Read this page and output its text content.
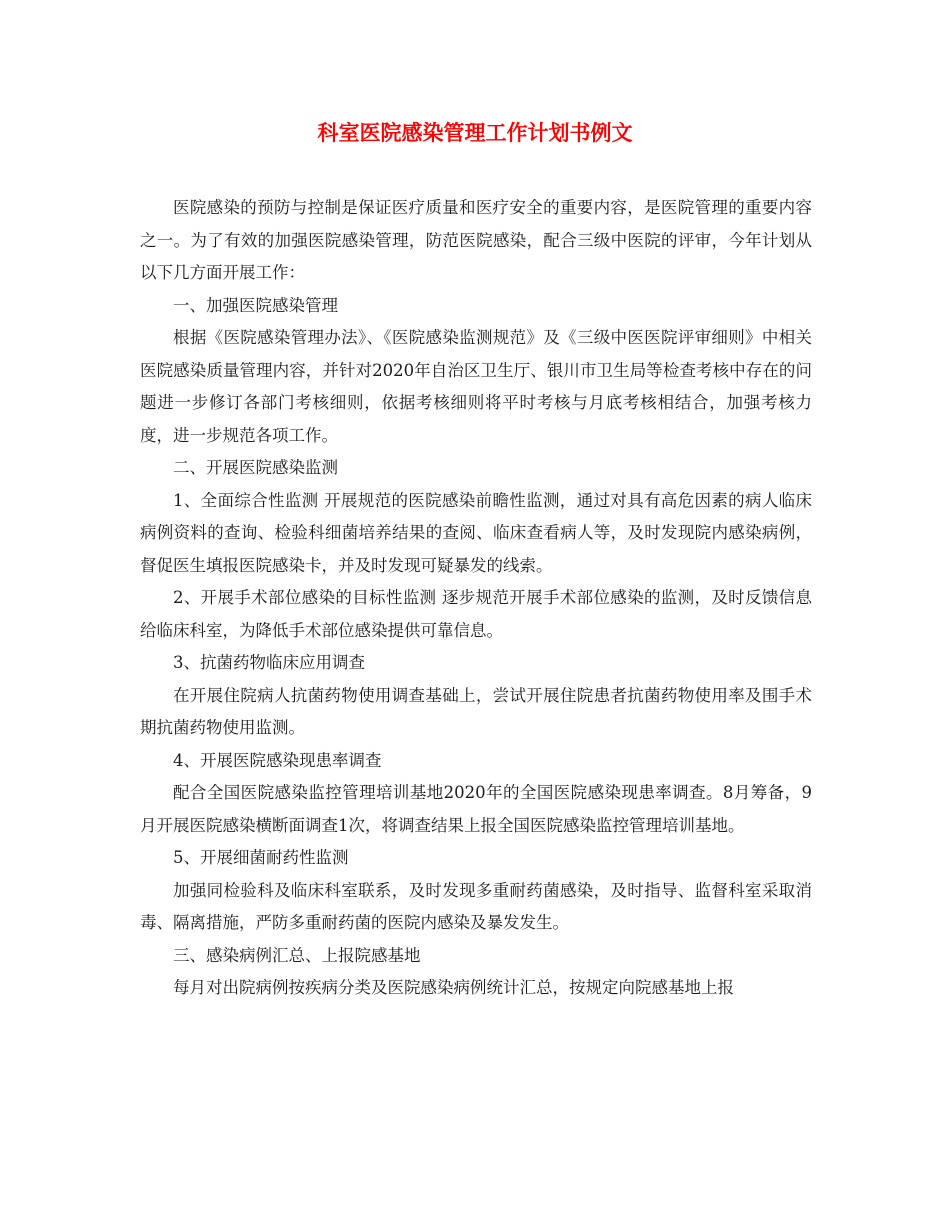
科室医院感染管理工作计划书例文

医院感染的预防与控制是保证医疗质量和医疗安全的重要内容，是医院管理的重要内容之一。为了有效的加强医院感染管理，防范医院感染，配合三级中医院的评审，今年计划从以下几方面开展工作：

一、加强医院感染管理

根据《医院感染管理办法》、《医院感染监测规范》及《三级中医医院评审细则》中相关医院感染质量管理内容，并针对2020年自治区卫生厅、银川市卫生局等检查考核中存在的问题进一步修订各部门考核细则，依据考核细则将平时考核与月底考核相结合，加强考核力度，进一步规范各项工作。

二、开展医院感染监测

1、全面综合性监测 开展规范的医院感染前瞻性监测，通过对具有高危因素的病人临床病例资料的查询、检验科细菌培养结果的查阅、临床查看病人等，及时发现院内感染病例，督促医生填报医院感染卡，并及时发现可疑暴发的线索。

2、开展手术部位感染的目标性监测 逐步规范开展手术部位感染的监测，及时反馈信息给临床科室，为降低手术部位感染提供可靠信息。

3、抗菌药物临床应用调查

在开展住院病人抗菌药物使用调查基础上，尝试开展住院患者抗菌药物使用率及围手术期抗菌药物使用监测。

4、开展医院感染现患率调查

配合全国医院感染监控管理培训基地2020年的全国医院感染现患率调查。8月筹备，9月开展医院感染横断面调查1次，将调查结果上报全国医院感染监控管理培训基地。

5、开展细菌耐药性监测

加强同检验科及临床科室联系，及时发现多重耐药菌感染，及时指导、监督科室采取消毒、隔离措施，严防多重耐药菌的医院内感染及暴发发生。

三、感染病例汇总、上报院感基地

每月对出院病例按疾病分类及医院感染病例统计汇总，按规定向院感基地上报
